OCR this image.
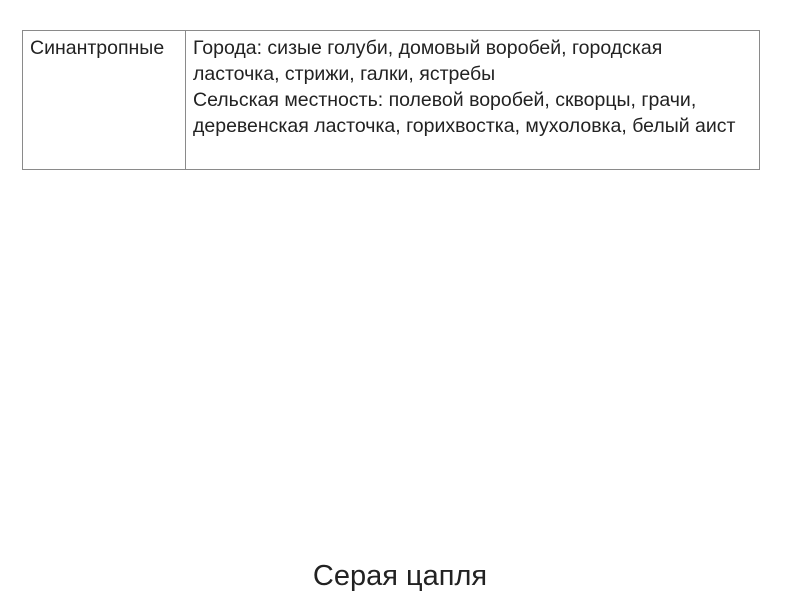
Синантропные	Города: сизые голуби, домовый воробей, городская ласточка, стрижи, галки, ястребы
Сельская местность: полевой воробей, скворцы, грачи, деревенская ласточка, горихвостка, мухоловка, белый аист
Серая цапля
